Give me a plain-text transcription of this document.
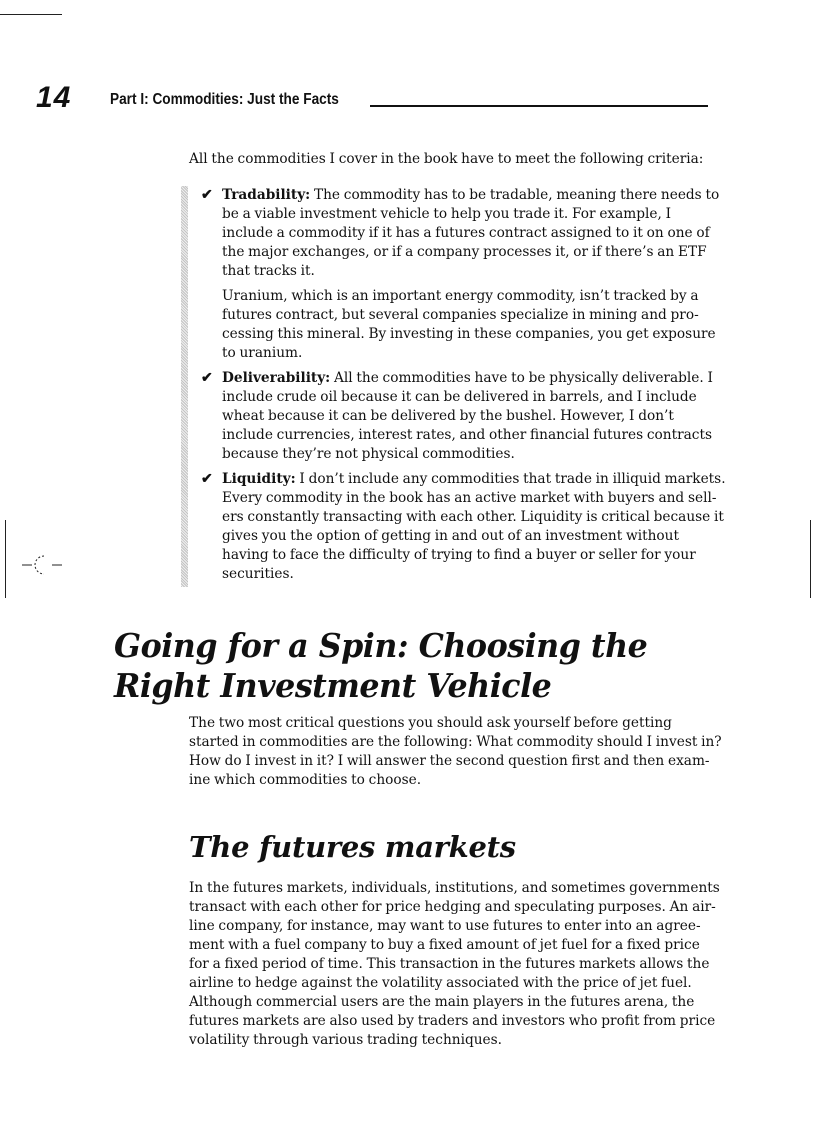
14 Part I: Commodities: Just the Facts

All the commodities I cover in the book have to meet the following criteria:

✔ Tradability: The commodity has to be tradable, meaning there needs to
be a viable investment vehicle to help you trade it. For example, I
include a commodity if it has a futures contract assigned to it on one of
the major exchanges, or if a company processes it, or if there’s an ETF
that tracks it.

Uranium, which is an important energy commodity, isn’t tracked by a
futures contract, but several companies specialize in mining and pro-
cessing this mineral. By investing in these companies, you get exposure
to uranium.

✔ Deliverability: All the commodities have to be physically deliverable. I
include crude oil because it can be delivered in barrels, and I include
wheat because it can be delivered by the bushel. However, I don’t
include currencies, interest rates, and other financial futures contracts
because they’re not physical commodities.

✔ Liquidity: I don’t include any commodities that trade in illiquid markets.
Every commodity in the book has an active market with buyers and sell-
ers constantly transacting with each other. Liquidity is critical because it
gives you the option of getting in and out of an investment without
having to face the difficulty of trying to find a buyer or seller for your
securities.

Going for a Spin: Choosing the
Right Investment Vehicle

The two most critical questions you should ask yourself before getting
started in commodities are the following: What commodity should I invest in?
How do I invest in it? I will answer the second question first and then exam-
ine which commodities to choose.

The futures markets

In the futures markets, individuals, institutions, and sometimes governments
transact with each other for price hedging and speculating purposes. An air-
line company, for instance, may want to use futures to enter into an agree-
ment with a fuel company to buy a fixed amount of jet fuel for a fixed price
for a fixed period of time. This transaction in the futures markets allows the
airline to hedge against the volatility associated with the price of jet fuel.
Although commercial users are the main players in the futures arena, the
futures markets are also used by traders and investors who profit from price
volatility through various trading techniques.
